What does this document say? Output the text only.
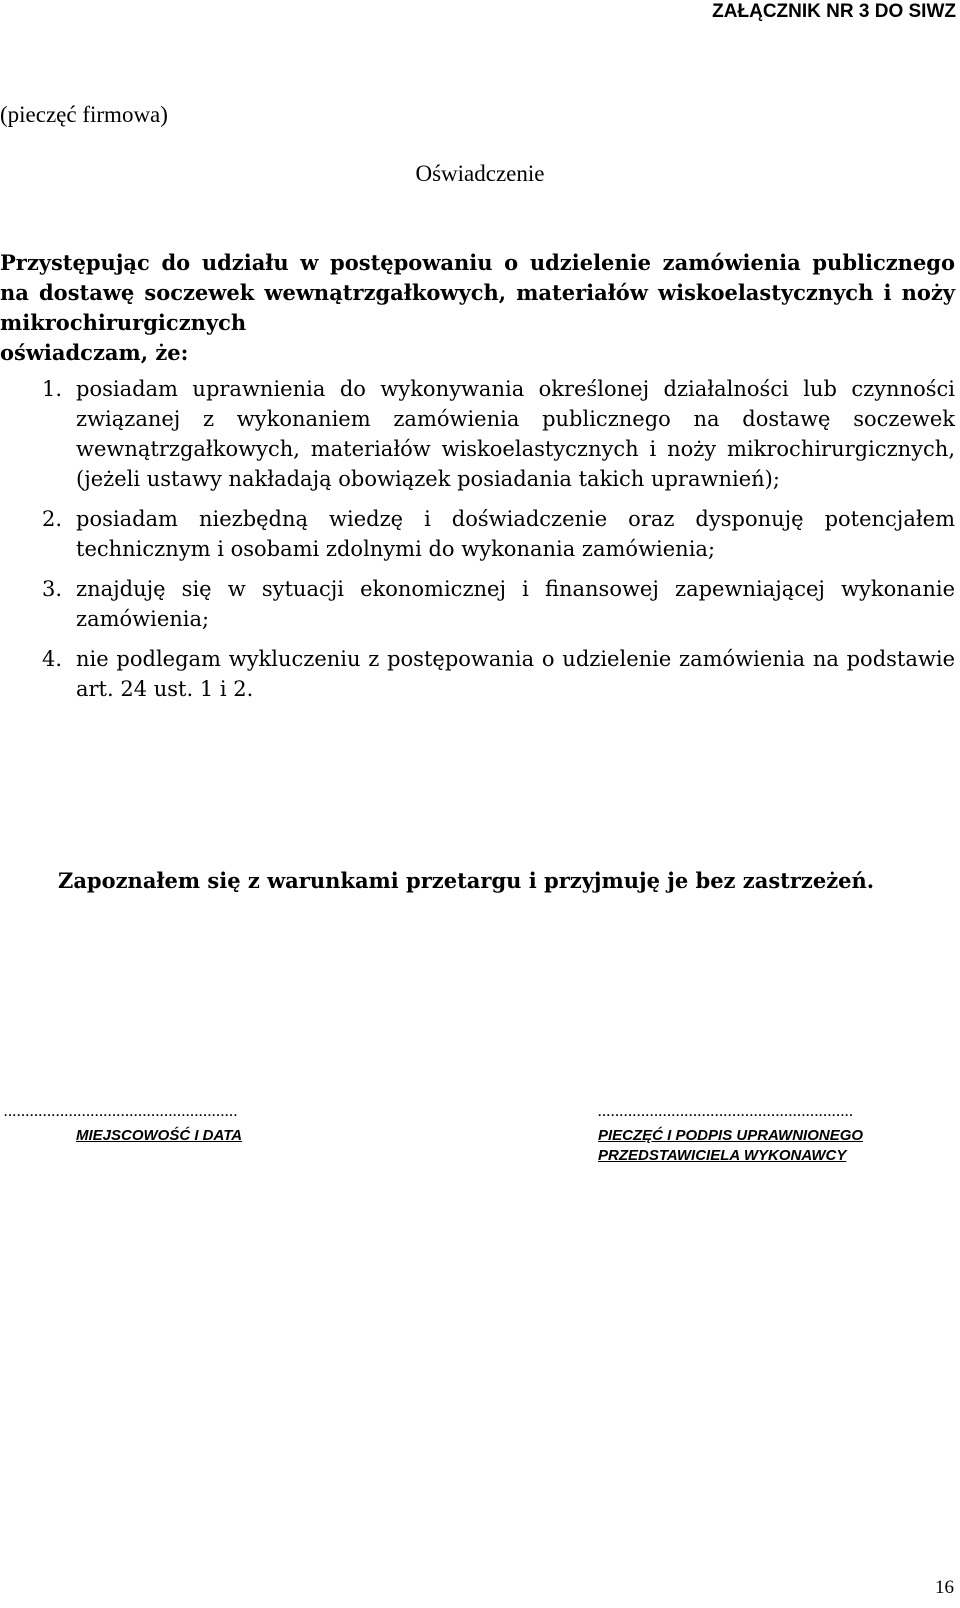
ZAŁĄCZNIK NR 3 DO SIWZ
(pieczęć firmowa)
Oświadczenie
Przystępując do udziału w postępowaniu o udzielenie zamówienia publicznego na dostawę soczewek wewnątrzgałkowych, materiałów wiskoelastycznych i noży mikrochirurgicznych
oświadczam, że:
1. posiadam uprawnienia do wykonywania określonej działalności lub czynności związanej z wykonaniem zamówienia publicznego na dostawę soczewek wewnątrzgałkowych, materiałów wiskoelastycznych i noży mikrochirurgicznych, (jeżeli ustawy nakładają obowiązek posiadania takich uprawnień);
2. posiadam niezbędną wiedzę i doświadczenie oraz dysponuję potencjałem technicznym i osobami zdolnymi do wykonania zamówienia;
3. znajduję się w sytuacji ekonomicznej i finansowej zapewniającej wykonanie zamówienia;
4. nie podlegam wykluczeniu z postępowania o udzielenie zamówienia na podstawie art. 24 ust. 1 i 2.
Zapoznałem się z warunkami przetargu i przyjmuję je bez zastrzeżeń.
......................................................
MIEJSCOWOŚĆ I DATA
...........................................................
PIECZĘĆ I PODPIS UPRAWNIONEGO
PRZEDSTAWICIELA WYKONAWCY
16
